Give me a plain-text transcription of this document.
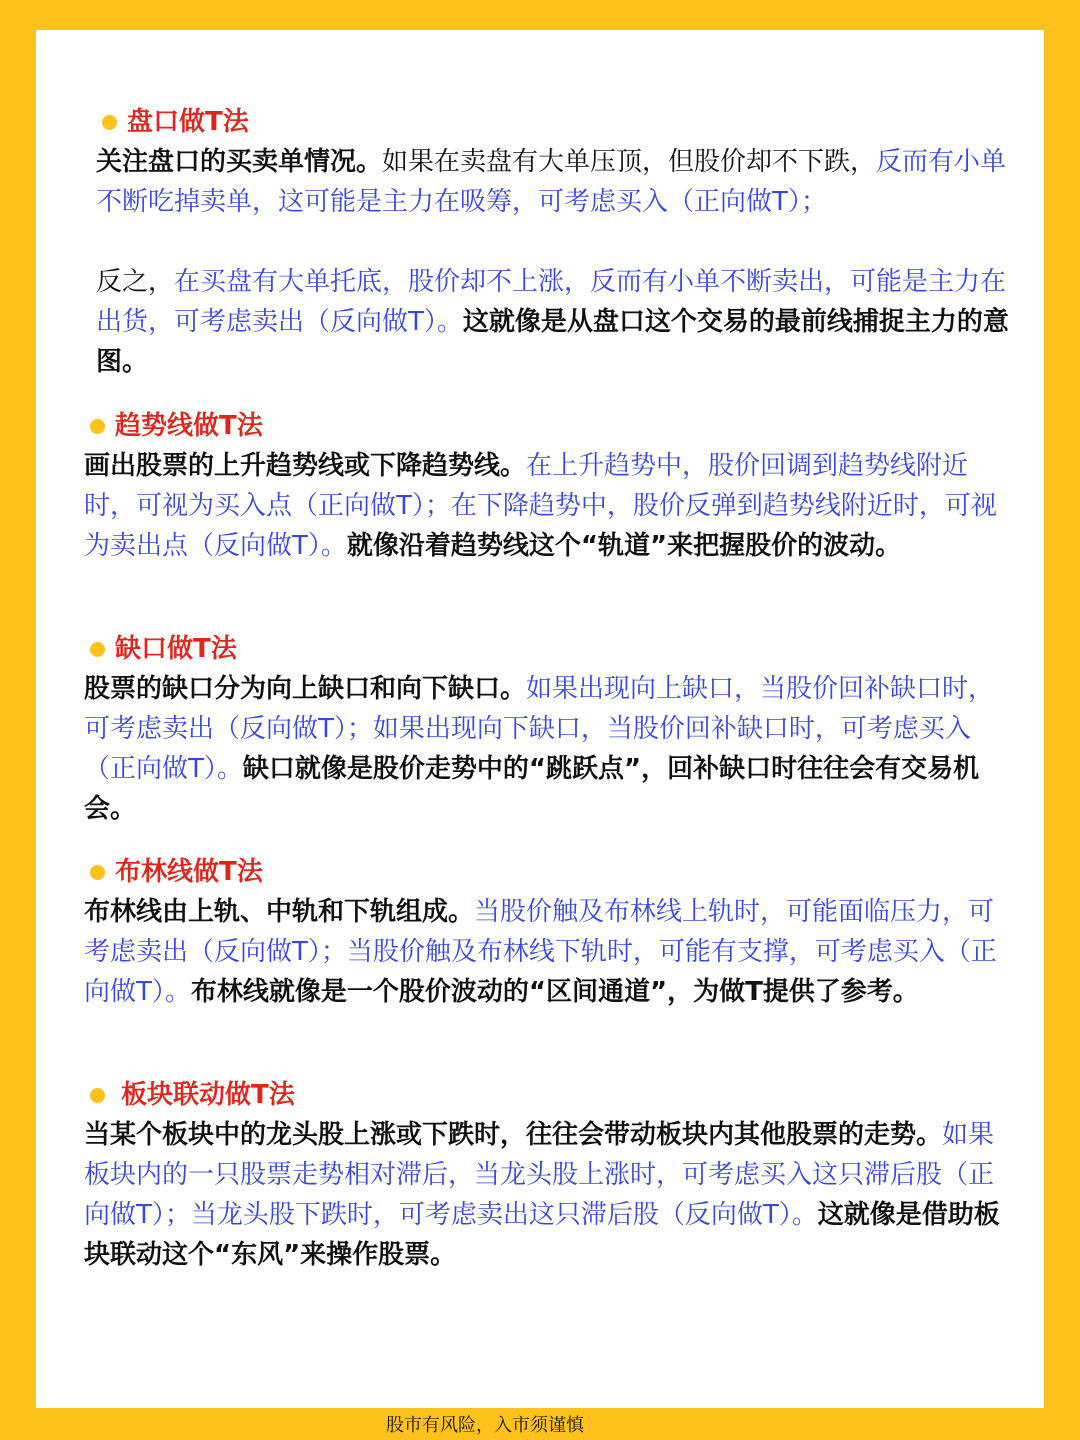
盘口做T法

关注盘口的买卖单情况。如果在卖盘有大单压顶，但股价却不下跌，反而有小单不断吃掉卖单，这可能是主力在吸筹，可考虑买入（正向做T）；

反之，在买盘有大单托底，股价却不上涨，反而有小单不断卖出，可能是主力在出货，可考虑卖出（反向做T）。这就像是从盘口这个交易的最前线捕捉主力的意图。

趋势线做T法

画出股票的上升趋势线或下降趋势线。在上升趋势中，股价回调到趋势线附近时，可视为买入点（正向做T）；在下降趋势中，股价反弹到趋势线附近时，可视为卖出点（反向做T）。就像沿着趋势线这个“轨道”来把握股价的波动。

缺口做T法

股票的缺口分为向上缺口和向下缺口。如果出现向上缺口，当股价回补缺口时，可考虑卖出（反向做T）；如果出现向下缺口，当股价回补缺口时，可考虑买入（正向做T）。缺口就像是股价走势中的“跳跃点”，回补缺口时往往会有交易机会。

布林线做T法

布林线由上轨、中轨和下轨组成。当股价触及布林线上轨时，可能面临压力，可考虑卖出（反向做T）；当股价触及布林线下轨时，可能有支撑，可考虑买入（正向做T）。布林线就像是一个股价波动的“区间通道”，为做T提供了参考。

板块联动做T法

当某个板块中的龙头股上涨或下跌时，往往会带动板块内其他股票的走势。如果板块内的一只股票走势相对滞后，当龙头股上涨时，可考虑买入这只滞后股（正向做T）；当龙头股下跌时，可考虑卖出这只滞后股（反向做T）。这就像是借助板块联动这个“东风”来操作股票。

股市有风险，入市须谨慎
